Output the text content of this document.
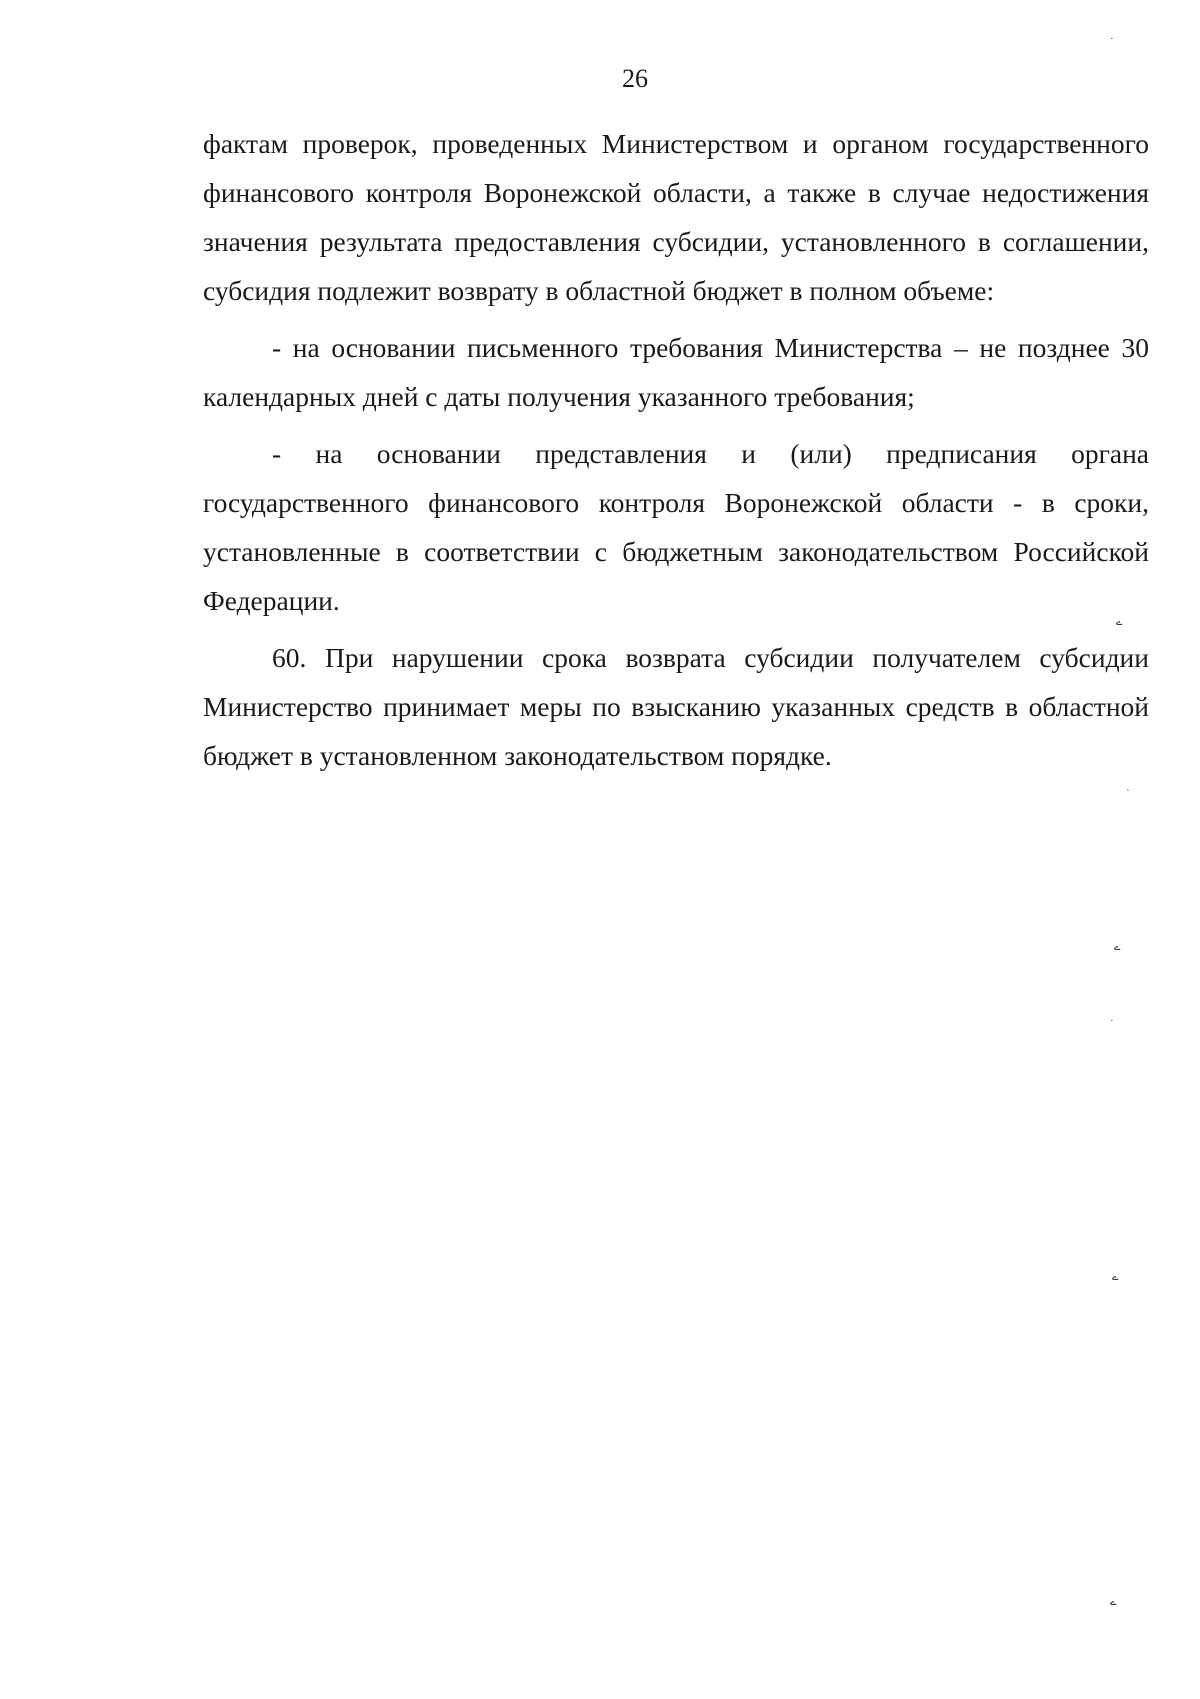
26

фактам проверок, проведенных Министерством и органом государственного финансового контроля Воронежской области, а также в случае недостижения значения результата предоставления субсидии, установленного в соглашении, субсидия подлежит возврату в областной бюджет в полном объеме:

- на основании письменного требования Министерства – не позднее 30 календарных дней с даты получения указанного требования;

- на основании представления и (или) предписания органа государственного финансового контроля Воронежской области - в сроки, установленные в соответствии с бюджетным законодательством Российской Федерации.

60. При нарушении срока возврата субсидии получателем субсидии Министерство принимает меры по взысканию указанных средств в областной бюджет в установленном законодательством порядке.

·
ے
ˋ
ے
·
ے
ے
